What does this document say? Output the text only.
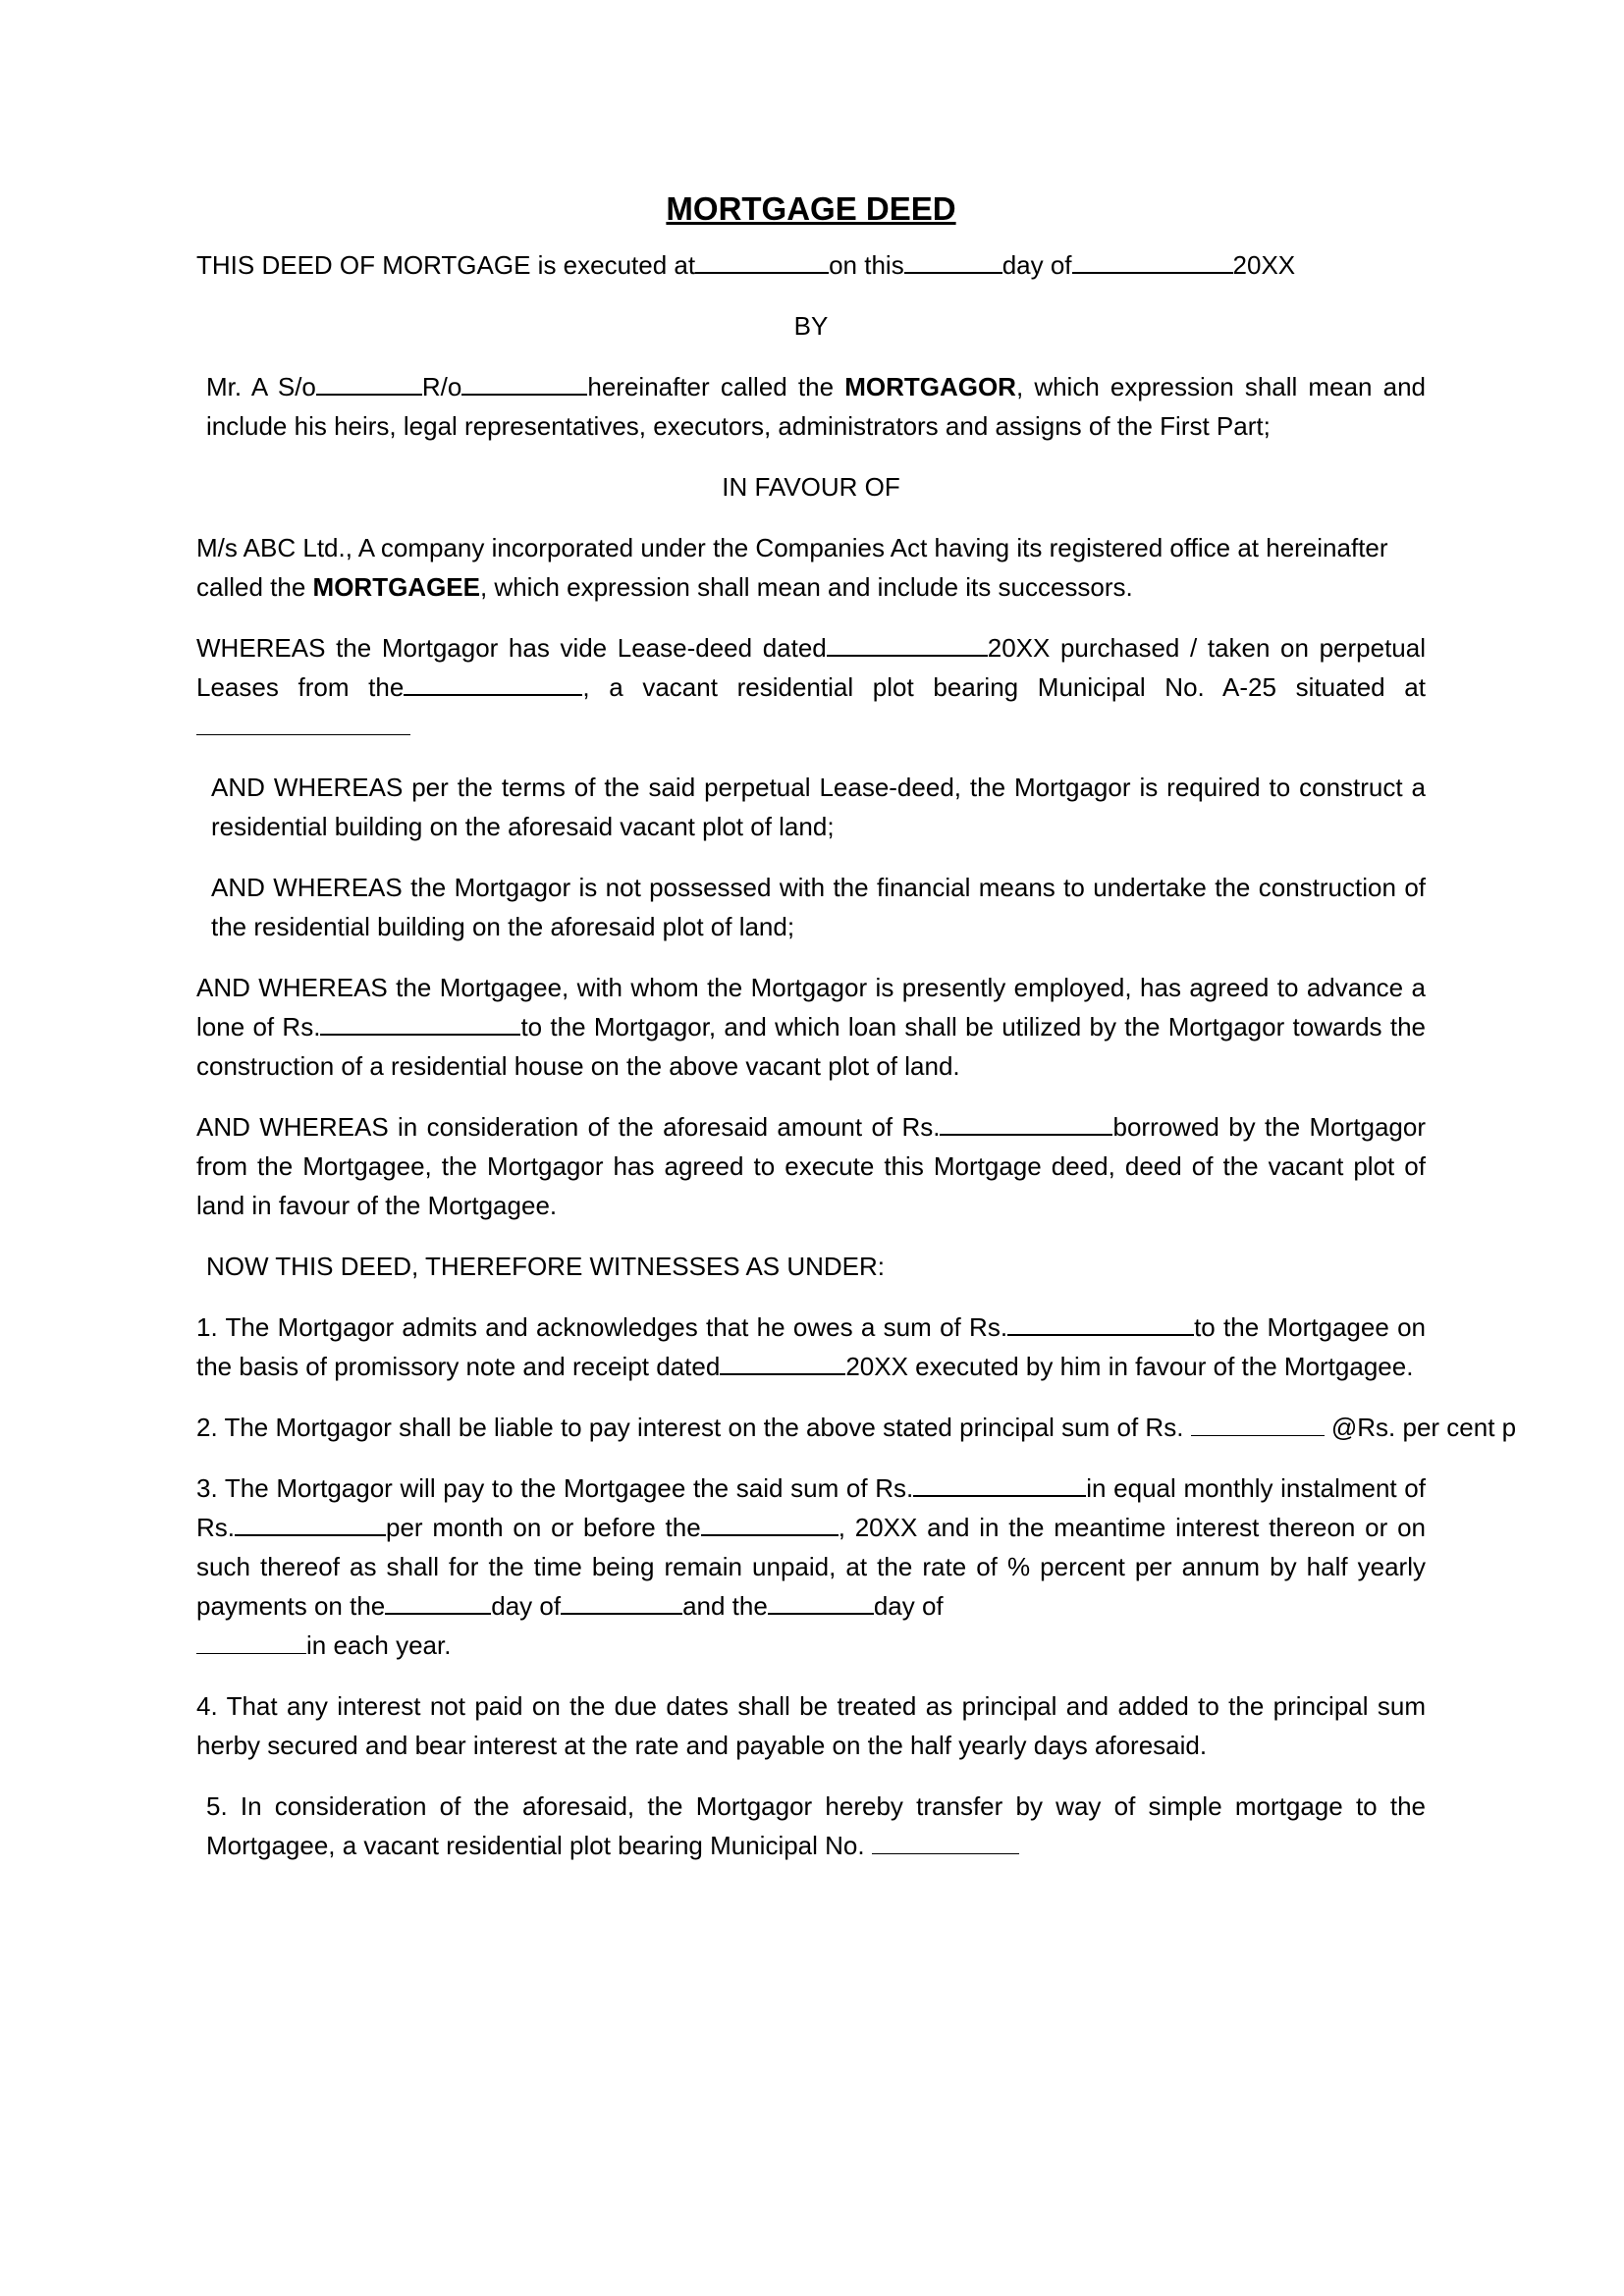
MORTGAGE DEED

THIS DEED OF MORTGAGE is executed at	on this	day of	20XX

BY

Mr. A S/o	R/o	hereinafter called the MORTGAGOR, which expression shall mean and include his heirs, legal representatives, executors, administrators and assigns of the First Part;

IN FAVOUR OF

M/s ABC Ltd., A company incorporated under the Companies Act having its registered office at hereinafter called the MORTGAGEE, which expression shall mean and include its successors.

WHEREAS the Mortgagor has vide Lease-deed dated	20XX purchased / taken on perpetual Leases from the	, a vacant residential plot bearing Municipal No. A-25 situated at

AND WHEREAS per the terms of the said perpetual Lease-deed, the Mortgagor is required to construct a residential building on the aforesaid vacant plot of land;

AND WHEREAS the Mortgagor is not possessed with the financial means to undertake the construction of the residential building on the aforesaid plot of land;

AND WHEREAS the Mortgagee, with whom the Mortgagor is presently employed, has agreed to advance a lone of Rs.	to the Mortgagor, and which loan shall be utilized by the Mortgagor towards the construction of a residential house on the above vacant plot of land.

AND WHEREAS in consideration of the aforesaid amount of Rs.	borrowed by the Mortgagor from the Mortgagee, the Mortgagor has agreed to execute this Mortgage deed, deed of the vacant plot of land in favour of the Mortgagee.

NOW THIS DEED, THEREFORE WITNESSES AS UNDER:

1. The Mortgagor admits and acknowledges that he owes a sum of Rs.	to the Mortgagee on the basis of promissory note and receipt dated	20XX executed by him in favour of the Mortgagee.

2. The Mortgagor shall be liable to pay interest on the above stated principal sum of Rs.	@Rs. per cent p

3. The Mortgagor will pay to the Mortgagee the said sum of Rs.	in equal monthly instalment of Rs.	per month on or before the	, 20XX and in the meantime interest thereon or on such thereof as shall for the time being remain unpaid, at the rate of % percent per annum by half yearly payments on the	day of	and the	day of
in each year.

4. That any interest not paid on the due dates shall be treated as principal and added to the principal sum herby secured and bear interest at the rate and payable on the half yearly days aforesaid.

5. In consideration of the aforesaid, the Mortgagor hereby transfer by way of simple mortgage to the Mortgagee, a vacant residential plot bearing Municipal No.
